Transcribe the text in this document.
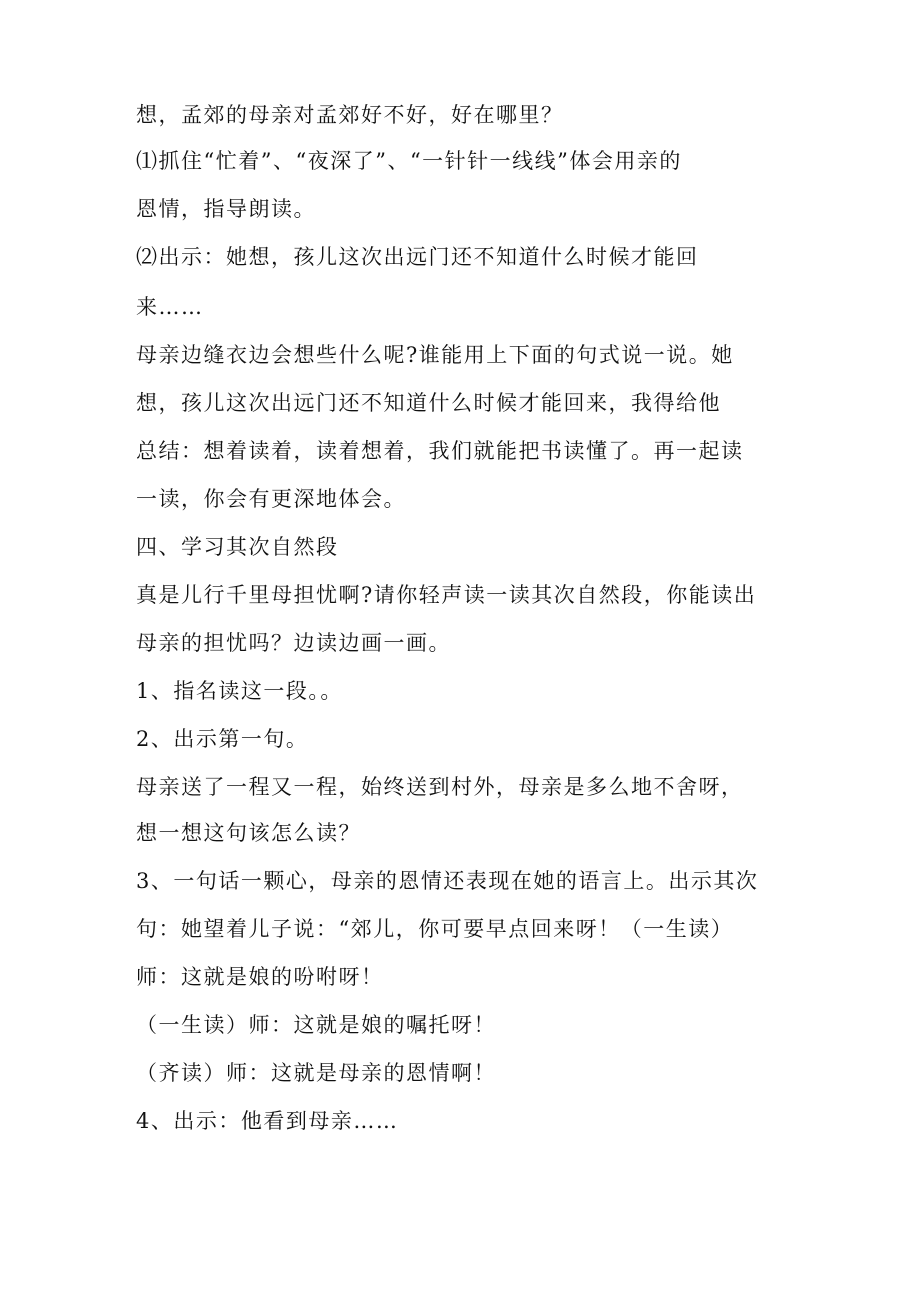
想，孟郊的母亲对孟郊好不好，好在哪里？

⑴抓住“忙着”、“夜深了”、“一针针一线线”体会用亲的

恩情，指导朗读。

⑵出示：她想，孩儿这次出远门还不知道什么时候才能回

来……

母亲边缝衣边会想些什么呢?谁能用上下面的句式说一说。她

想，孩儿这次出远门还不知道什么时候才能回来，我得给他

总结：想着读着，读着想着，我们就能把书读懂了。再一起读

一读，你会有更深地体会。

四、学习其次自然段

真是儿行千里母担忧啊?请你轻声读一读其次自然段，你能读出

母亲的担忧吗？边读边画一画。

1、指名读这一段。。

2、出示第一句。

母亲送了一程又一程，始终送到村外，母亲是多么地不舍呀，

想一想这句该怎么读？

3、一句话一颗心，母亲的恩情还表现在她的语言上。出示其次

句：她望着儿子说：“郊儿，你可要早点回来呀！（一生读）

师：这就是娘的吩咐呀！

（一生读）师：这就是娘的嘱托呀！

（齐读）师：这就是母亲的恩情啊！

4、出示：他看到母亲……
